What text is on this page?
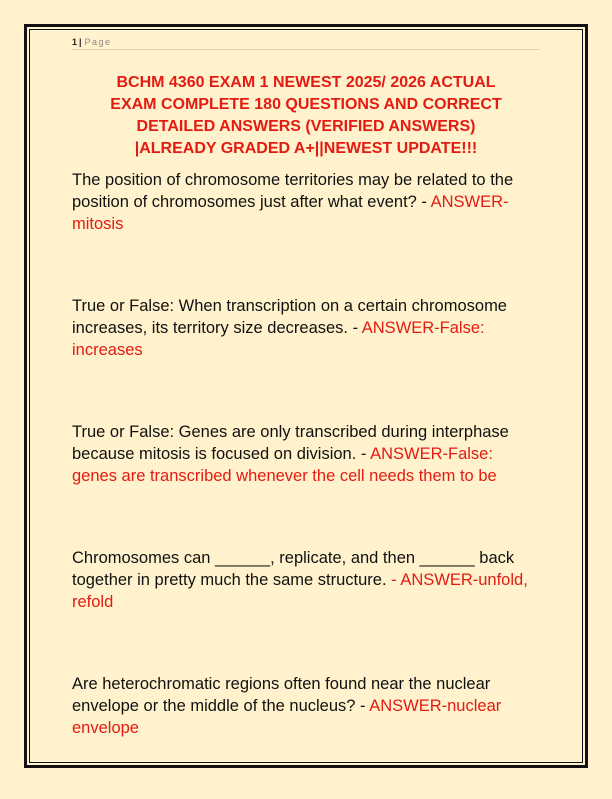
1 | Page
BCHM 4360 EXAM 1 NEWEST 2025/ 2026 ACTUAL
EXAM COMPLETE 180 QUESTIONS AND CORRECT
DETAILED ANSWERS (VERIFIED ANSWERS)
|ALREADY GRADED A+||NEWEST UPDATE!!!

The position of chromosome territories may be related to the position of chromosomes just after what event? - ANSWER-mitosis

True or False: When transcription on a certain chromosome increases, its territory size decreases. - ANSWER-False: increases

True or False: Genes are only transcribed during interphase because mitosis is focused on division. - ANSWER-False: genes are transcribed whenever the cell needs them to be

Chromosomes can ______, replicate, and then ______ back together in pretty much the same structure. - ANSWER-unfold, refold

Are heterochromatic regions often found near the nuclear envelope or the middle of the nucleus? - ANSWER-nuclear envelope
